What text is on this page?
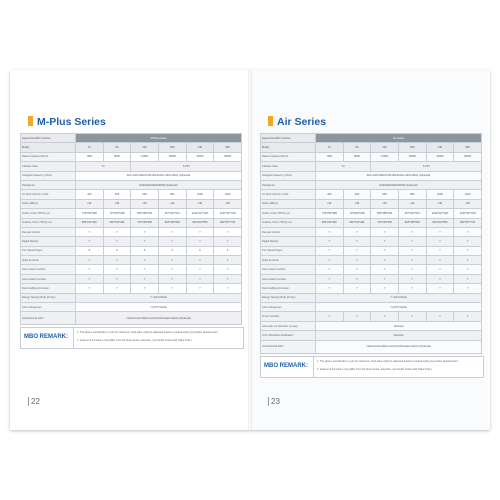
M-Plus Series
Speed Fixed/DC Inverter	M-Plus series					
Model	7K	9K	12K	18K	24K	30K
Rated Capacity (Btu/h)	7000	9000	12000	18000	24000	30000
Climate Class	T1		T1/T3			
Voltage/Frequency (V/Hz)	220~240V-50Hz/115V/60Hz/220~230V-60Hz (Optional)					
Refrigerant	R410A/R32/R22/R290 (Optional)					
Air Flow Volume (m³/h)	400	450	550	800	1000	1200
Noise (dB(A))	≤32	≤36	≤39	≤42	≤46	≤48
Indoor Unit (L*W*H) mm	715*250*188	715*250*188	805*285*194	957*302*213	1040*327*220	1140*327*220
Outdoor Unit (L*W*H) mm	660*240*482	660*240*482	715*260*540	818*285*553	802*322*555	890*357*705
Remote Control	Y	Y	Y	Y	Y	Y
Digital Display	Y	Y	Y	Y	Y	Y
Fan Speed Steps	5	5	5	5	5	5
Quiet Function	Y	Y	Y	Y	Y	Y
Auto Clean Function	Y	Y	Y	Y	Y	Y
Auto-restart Function	Y	Y	Y	Y	Y	Y
Dehumidifying Function	Y	Y	Y	Y	Y	Y
Energy Saving Mode (Fuzzy)	Y / ECO Mode					
Auto changeover	Y AUTO Mode					
Anti-bacterial Filter	multi-function/Silver ions/VC/Activated carbon (Optional)					
MBO REMARK:
1. The above specification is just for reference, final data might be adjusted based on actual testing & product development.
2. Feature & Functions may differ from the final version selection, pls double check with Sales Team.
22
Air Series
Speed Fixed/DC Inverter	Air series					
Model	7K	9K	12K	18K	24K	30K
Rated Capacity (Btu/h)	7000	9000	12000	18000	24000	30000
Climate Class	T1		T1/T3			
Voltage/Frequency (V/Hz)	220~240V-50Hz/115V/60Hz/220~230V-60Hz (Optional)					
Refrigerant	R410A/R32/R22/R290 (Optional)					
Air Flow Volume (m³/h)	400	450	550	800	1000	1200
Noise (dB(A))	≤32	≤36	≤39	≤42	≤46	≤48
Indoor Unit (L*W*H) mm	715*250*188	715*250*188	805*285*194	957*302*213	1040*327*220	1140*327*220
Outdoor Unit (L*W*H) mm	660*240*482	660*240*482	715*260*540	818*285*553	802*322*555	890*357*705
Remote Control	Y	Y	Y	Y	Y	Y
Digital Display	Y	Y	Y	Y	Y	Y
Fan Speed Steps	Y	Y	Y	Y	Y	Y
Quiet Function	Y	Y	Y	Y	Y	Y
Auto Clean Function	Y	Y	Y	Y	Y	Y
Auto-restart Function	Y	Y	Y	Y	Y	Y
Dehumidifying Function	Y	Y	Y	Y	Y	Y
Energy Saving Mode (Fuzzy)	Y / ECO Mode					
Auto changeover	Y AUTO Mode					
Timer Function	Y	Y	Y	Y	Y	Y
Automatic Air Direction (4-way)	Optional					
UVC Ultraviolet sterilization	Optional					
Anti-bacterial Filter	multi-function/Silver ions/VC/Activated carbon (Optional)					
MBO REMARK:
1. The above specification is just for reference, final data might be adjusted based on actual testing & product development.
2. Feature & Functions may differ from the final version selection, pls double check with Sales Team.
23
